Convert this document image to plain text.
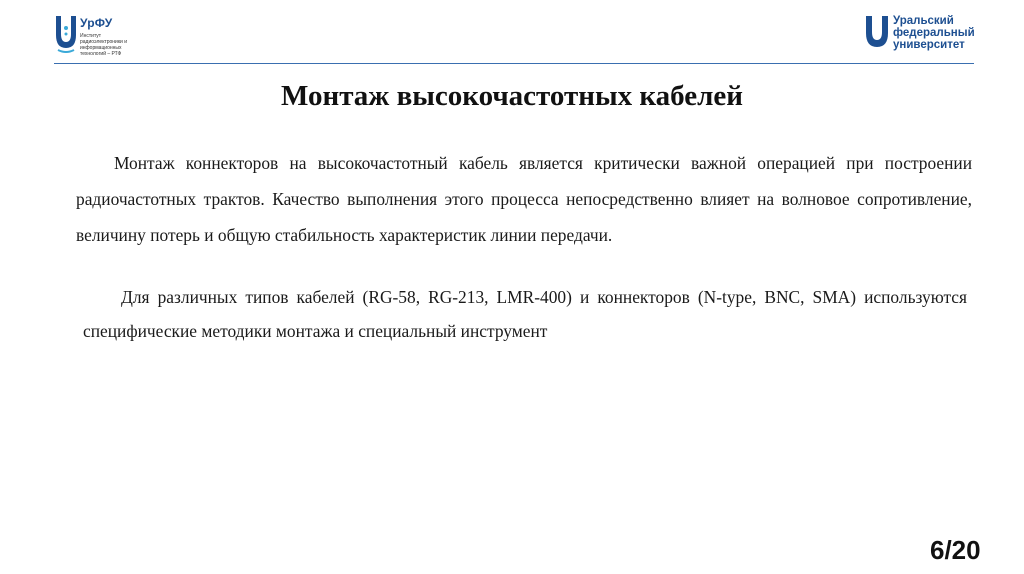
УрФУ
Институт радиоэлектроники и информационных технологий – РТФ
Уральский
федеральный
университет
Монтаж высокочастотных кабелей
Монтаж коннекторов на высокочастотный кабель является критически важной операцией при построении радиочастотных трактов. Качество выполнения этого процесса непосредственно влияет на волновое сопротивление, величину потерь и общую стабильность характеристик линии передачи.
Для различных типов кабелей (RG-58, RG-213, LMR-400) и коннекторов (N-type, BNC, SMA) используются специфические методики монтажа и специальный инструмент
6/20
